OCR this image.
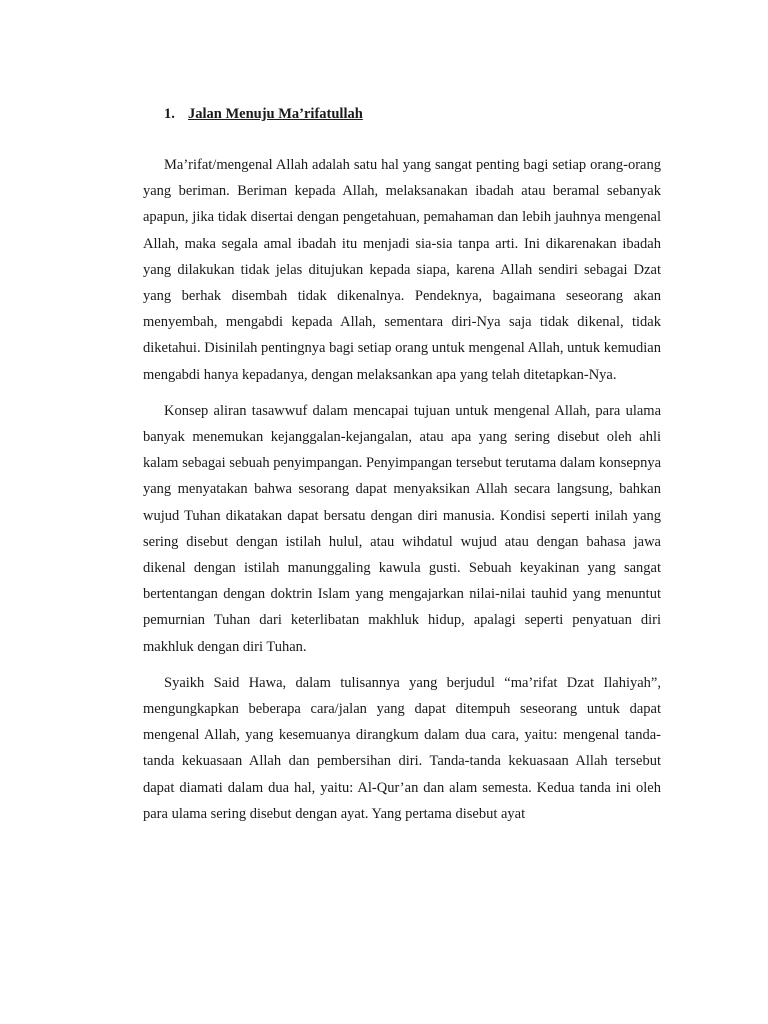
1. Jalan Menuju Ma’rifatullah

Ma’rifat/mengenal Allah adalah satu hal yang sangat penting bagi setiap orang-orang yang beriman. Beriman kepada Allah, melaksanakan ibadah atau beramal sebanyak apapun, jika tidak disertai dengan pengetahuan, pemahaman dan lebih jauhnya mengenal Allah, maka segala amal ibadah itu menjadi sia-sia tanpa arti. Ini dikarenakan ibadah yang dilakukan tidak jelas ditujukan kepada siapa, karena Allah sendiri sebagai Dzat yang berhak disembah tidak dikenalnya. Pendeknya, bagaimana seseorang akan menyembah, mengabdi kepada Allah, sementara diri-Nya saja tidak dikenal, tidak diketahui. Disinilah pentingnya bagi setiap orang untuk mengenal Allah, untuk kemudian mengabdi hanya kepadanya, dengan melaksankan apa yang telah ditetapkan-Nya.

Konsep aliran tasawwuf dalam mencapai tujuan untuk mengenal Allah, para ulama banyak menemukan kejanggalan-kejangalan, atau apa yang sering disebut oleh ahli kalam sebagai sebuah penyimpangan. Penyimpangan tersebut terutama dalam konsepnya yang menyatakan bahwa sesorang dapat menyaksikan Allah secara langsung, bahkan wujud Tuhan dikatakan dapat bersatu dengan diri manusia. Kondisi seperti inilah yang sering disebut dengan istilah hulul, atau wihdatul wujud atau dengan bahasa jawa dikenal dengan istilah manunggaling kawula gusti. Sebuah keyakinan yang sangat bertentangan dengan doktrin Islam yang mengajarkan nilai-nilai tauhid yang menuntut pemurnian Tuhan dari keterlibatan makhluk hidup, apalagi seperti penyatuan diri makhluk dengan diri Tuhan.

Syaikh Said Hawa, dalam tulisannya yang berjudul “ma’rifat Dzat Ilahiyah”, mengungkapkan beberapa cara/jalan yang dapat ditempuh seseorang untuk dapat mengenal Allah, yang kesemuanya dirangkum dalam dua cara, yaitu: mengenal tanda-tanda kekuasaan Allah dan pembersihan diri. Tanda-tanda kekuasaan Allah tersebut dapat diamati dalam dua hal, yaitu: Al-Qur’an dan alam semesta. Kedua tanda ini oleh para ulama sering disebut dengan ayat. Yang pertama disebut ayat
